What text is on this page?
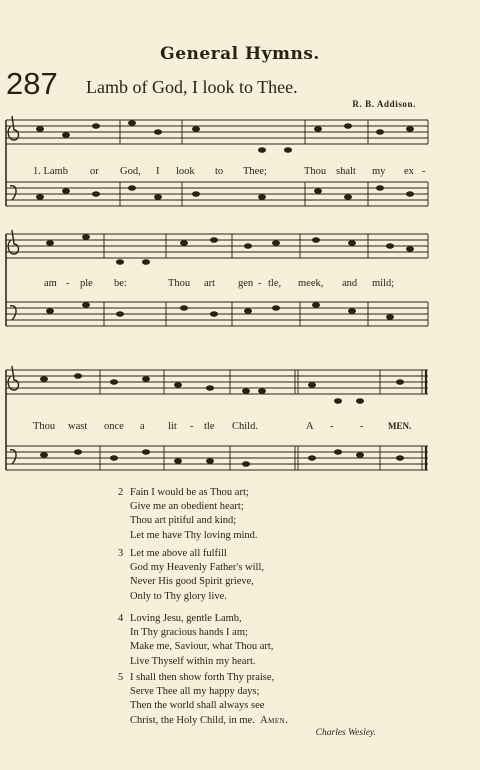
General Hymns.
287 Lamb of God, I look to Thee.
R. B. Addison.
1. Lamb or God, I look to Thee;	Thou shalt my ex -
am - ple be:	Thou art gen - tle, meek, and mild;
Thou wast once a lit - tle Child.	A -	-	MEN.
2 Fain I would be as Thou art;
Give me an obedient heart;
Thou art pitiful and kind;
Let me have Thy loving mind.
3 Let me above all fulfill
God my Heavenly Father's will,
Never His good Spirit grieve,
Only to Thy glory live.
4 Loving Jesu, gentle Lamb,
In Thy gracious hands I am;
Make me, Saviour, what Thou art,
Live Thyself within my heart.
5 I shall then show forth Thy praise,
Serve Thee all my happy days;
Then the world shall always see
Christ, the Holy Child, in me. Amen.
Charles Wesley.
